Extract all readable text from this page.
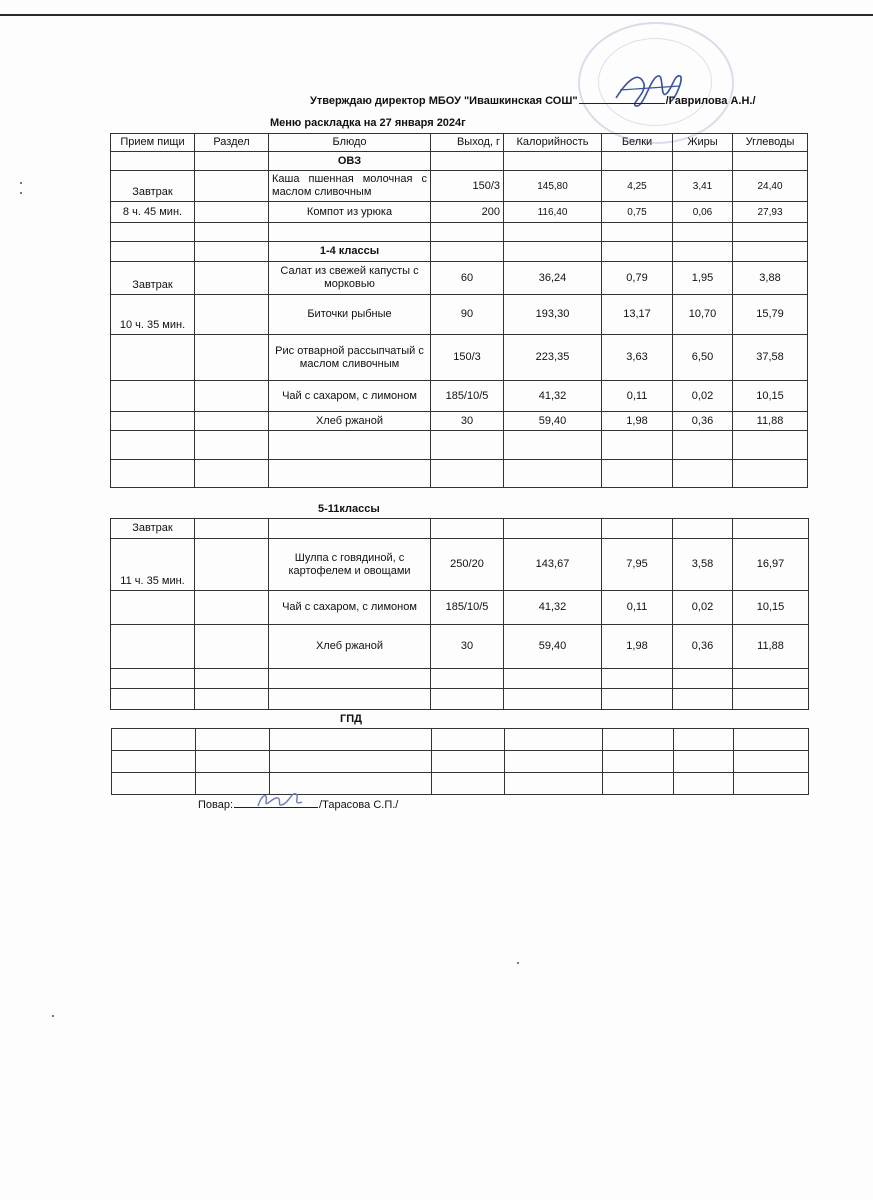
Утверждаю директор МБОУ "Ивашкинская СОШ"	/Гаврилова А.Н./
Меню раскладка на 27 января 2024г
Прием пищи	Раздел	Блюдо	Выход, г	Калорийность	Белки	Жиры	Углеводы
		ОВЗ					
Завтрак		Каша пшенная молочная с маслом сливочным	150/3	145,80	4,25	3,41	24,40
8 ч. 45 мин.		Компот из урюка	200	116,40	0,75	0,06	27,93

		1-4 классы					
Завтрак		Салат из свежей капусты с морковью	60	36,24	0,79	1,95	3,88
10 ч. 35 мин.		Биточки рыбные	90	193,30	13,17	10,70	15,79
		Рис отварной рассыпчатый с маслом сливочным	150/3	223,35	3,63	6,50	37,58
		Чай с сахаром, с лимоном	185/10/5	41,32	0,11	0,02	10,15
		Хлеб ржаной	30	59,40	1,98	0,36	11,88

5-11классы
Завтрак							
11 ч. 35 мин.		Шулпа с говядиной, с картофелем и овощами	250/20	143,67	7,95	3,58	16,97
		Чай с сахаром, с лимоном	185/10/5	41,32	0,11	0,02	10,15
		Хлеб ржаной	30	59,40	1,98	0,36	11,88

ГПД

Повар:	/Тарасова С.П./
